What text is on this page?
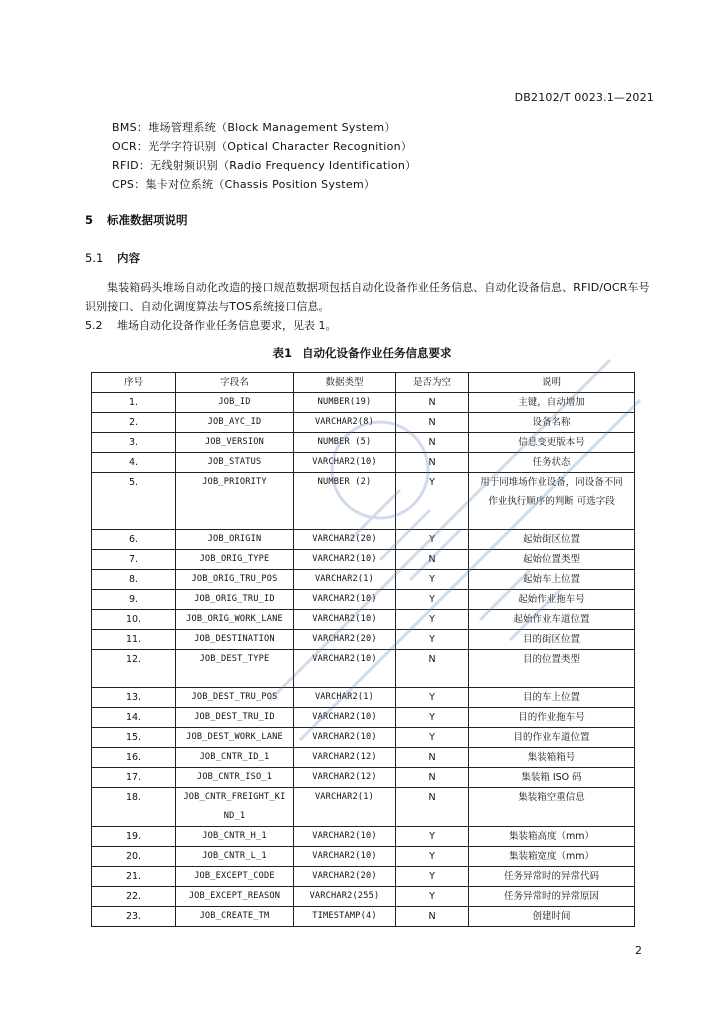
DB2102/T 0023.1—2021
BMS：堆场管理系统（Block Management System）
OCR：光学字符识别（Optical Character Recognition）
RFID：无线射频识别（Radio Frequency Identification）
CPS：集卡对位系统（Chassis Position System）
5 标准数据项说明
5.1 内容
集装箱码头堆场自动化改造的接口规范数据项包括自动化设备作业任务信息、自动化设备信息、RFID/OCR车号识别接口、自动化调度算法与TOS系统接口信息。
5.2 堆场自动化设备作业任务信息要求，见表 1。
表1 自动化设备作业任务信息要求
序号	字段名	数据类型	是否为空	说明

1.	JOB_ID	NUMBER(19)	N	主键，自动增加

2.	JOB_AYC_ID	VARCHAR2(8)	N	设备名称

3.	JOB_VERSION	NUMBER (5)	N	信息变更版本号

4.	JOB_STATUS	VARCHAR2(10)	N	任务状态

5.	JOB_PRIORITY	NUMBER (2)	Y	用于同堆场作业设备，同设备不同作业执行顺序的判断 可选字段

6.	JOB_ORIGIN	VARCHAR2(20)	Y	起始街区位置

7.	JOB_ORIG_TYPE	VARCHAR2(10)	N	起始位置类型

8.	JOB_ORIG_TRU_POS	VARCHAR2(1)	Y	起始车上位置

9.	JOB_ORIG_TRU_ID	VARCHAR2(10)	Y	起始作业拖车号

10.	JOB_ORIG_WORK_LANE	VARCHAR2(10)	Y	起始作业车道位置

11.	JOB_DESTINATION	VARCHAR2(20)	Y	目的街区位置

12.	JOB_DEST_TYPE	VARCHAR2(10)	N	目的位置类型

13.	JOB_DEST_TRU_POS	VARCHAR2(1)	Y	目的车上位置

14.	JOB_DEST_TRU_ID	VARCHAR2(10)	Y	目的作业拖车号

15.	JOB_DEST_WORK_LANE	VARCHAR2(10)	Y	目的作业车道位置

16.	JOB_CNTR_ID_1	VARCHAR2(12)	N	集装箱箱号

17.	JOB_CNTR_ISO_1	VARCHAR2(12)	N	集装箱 ISO 码

18.	JOB_CNTR_FREIGHT_KIND_1	VARCHAR2(1)	N	集装箱空重信息

19.	JOB_CNTR_H_1	VARCHAR2(10)	Y	集装箱高度（mm）

20.	JOB_CNTR_L_1	VARCHAR2(10)	Y	集装箱宽度（mm）

21.	JOB_EXCEPT_CODE	VARCHAR2(20)	Y	任务异常时的异常代码

22.	JOB_EXCEPT_REASON	VARCHAR2(255)	Y	任务异常时的异常原因

23.	JOB_CREATE_TM	TIMESTAMP(4)	N	创建时间
2
